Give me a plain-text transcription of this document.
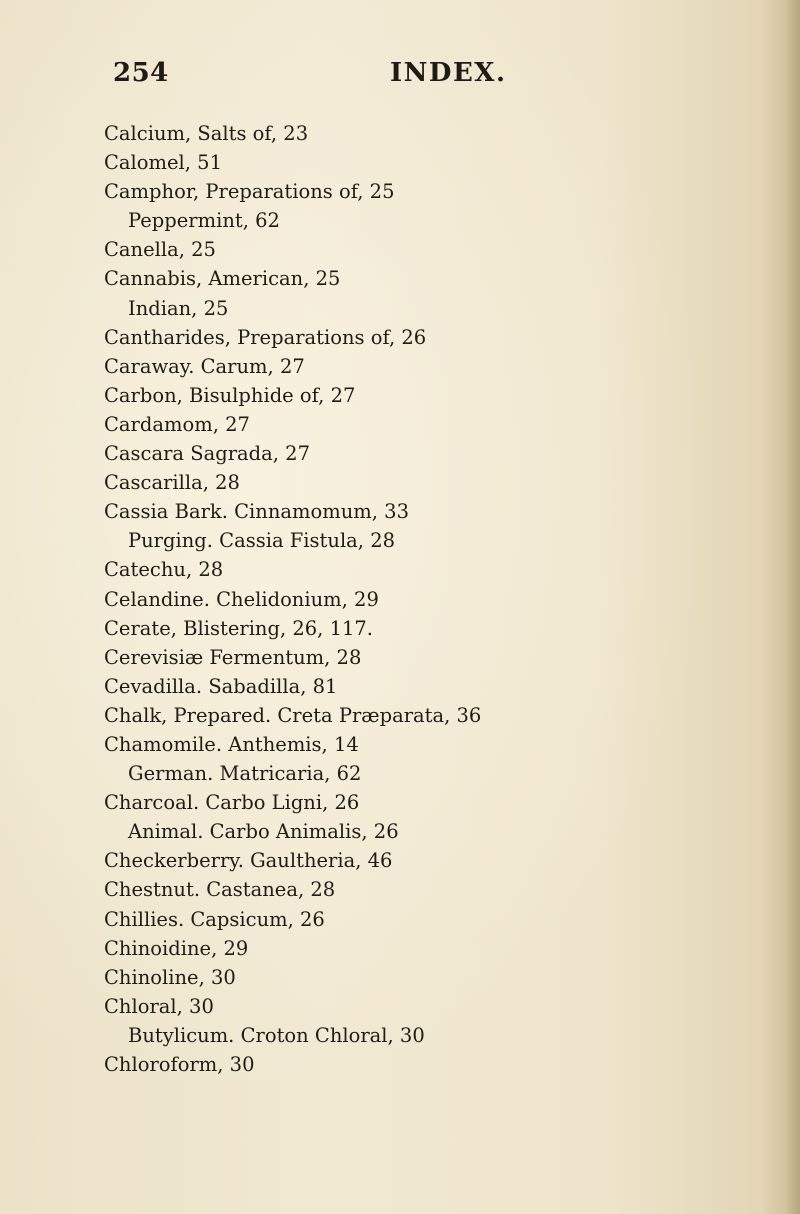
254	INDEX.
Calcium, Salts of, 23
Calomel, 51
Camphor, Preparations of, 25
Peppermint, 62
Canella, 25
Cannabis, American, 25
Indian, 25
Cantharides, Preparations of, 26
Caraway. Carum, 27
Carbon, Bisulphide of, 27
Cardamom, 27
Cascara Sagrada, 27
Cascarilla, 28
Cassia Bark. Cinnamomum, 33
Purging. Cassia Fistula, 28
Catechu, 28
Celandine. Chelidonium, 29
Cerate, Blistering, 26, 117.
Cerevisiæ Fermentum, 28
Cevadilla. Sabadilla, 81
Chalk, Prepared. Creta Præparata, 36
Chamomile. Anthemis, 14
German. Matricaria, 62
Charcoal. Carbo Ligni, 26
Animal. Carbo Animalis, 26
Checkerberry. Gaultheria, 46
Chestnut. Castanea, 28
Chillies. Capsicum, 26
Chinoidine, 29
Chinoline, 30
Chloral, 30
Butylicum. Croton Chloral, 30
Chloroform, 30
